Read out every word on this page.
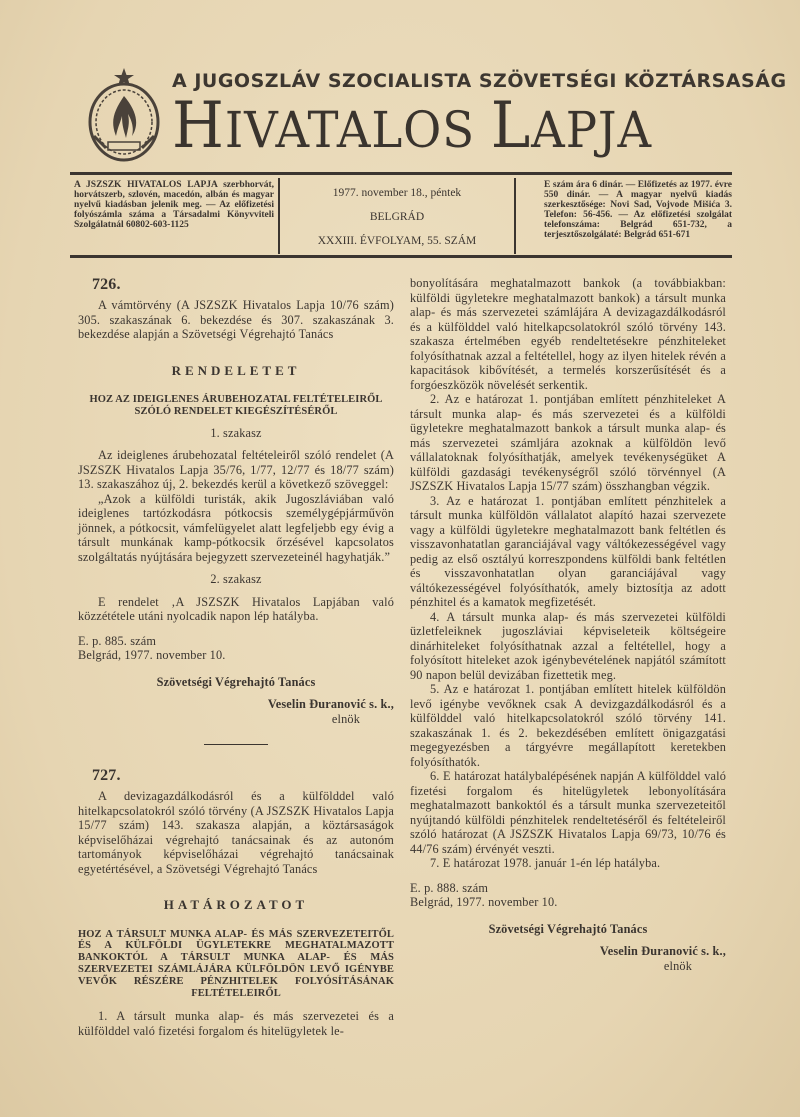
A JUGOSZLÁV SZOCIALISTA SZÖVETSÉGI KÖZTÁRSASÁG
HIVATALOS LAPJA
A JSZSZK HIVATALOS LAPJA szerbhorvát, horvátszerb, szlovén, macedón, albán és magyar nyelvű kiadásban jelenik meg. — Az előfizetési folyószámla száma a Társadalmi Könyvviteli Szolgálatnál 60802-603-1125
1977. november 18., péntek
BELGRÁD
XXXIII. ÉVFOLYAM, 55. SZÁM
E szám ára 6 dinár. — Előfizetés az 1977. évre 550 dinár. — A magyar nyelvű kiadás szerkesztősége: Novi Sad, Vojvode Mišića 3. Telefon: 56-456. — Az előfizetési szolgálat telefonszáma: Belgrád 651-732, a terjesztőszolgálaté: Belgrád 651-671
726.

A vámtörvény (A JSZSZK Hivatalos Lapja 10/76 szám) 305. szakaszának 6. bekezdése és 307. szakaszának 3. bekezdése alapján a Szövetségi Végrehajtó Tanács

RENDELETET
HOZ AZ IDEIGLENES ÁRUBEHOZATAL FELTÉTELEIRŐL SZÓLÓ RENDELET KIEGÉSZÍTÉSÉRŐL
1. szakasz

Az ideiglenes árubehozatal feltételeiről szóló rendelet (A JSZSZK Hivatalos Lapja 35/76, 1/77, 12/77 és 18/77 szám) 13. szakaszához új, 2. bekezdés kerül a következő szöveggel:

„Azok a külföldi turisták, akik Jugoszláviában való ideiglenes tartózkodásra pótkocsis személygépjárművön jönnek, a pótkocsit, vámfelügyelet alatt legfeljebb egy évig a társult munkának kamp-pótkocsik őrzésével kapcsolatos szolgáltatás nyújtására bejegyzett szervezeteinél hagyhatják.”

2. szakasz

E rendelet ‚A JSZSZK Hivatalos Lapjában való közzététele utáni nyolcadik napon lép hatályba.

E. p. 885. szám

Belgrád, 1977. november 10.

Szövetségi Végrehajtó Tanács
Veselin Đuranović s. k.,
elnök
727.

A devizagazdálkodásról és a külfölddel való hitelkapcsolatokról szóló törvény (A JSZSZK Hivatalos Lapja 15/77 szám) 143. szakasza alapján, a köztársaságok képviselőházai végrehajtó tanácsainak és az autonóm tartományok képviselőházai végrehajtó tanácsainak egyetértésével, a Szövetségi Végrehajtó Tanács

HATÁROZATOT
HOZ A TÁRSULT MUNKA ALAP- ÉS MÁS SZERVEZETEITŐL ÉS A KÜLFÖLDI ÜGYLETEKRE MEGHATALMAZOTT BANKOKTÓL A TÁRSULT MUNKA ALAP- ÉS MÁS SZERVEZETEI SZÁMLÁJÁRA KÜLFÖLDÖN LEVŐ IGÉNYBE VEVŐK RÉSZÉRE PÉNZHITELEK FOLYÓSÍTÁSÁNAK FELTÉTELEIRŐL

1. A társult munka alap- és más szervezetei és a külfölddel való fizetési forgalom és hitelügyletek le-

bonyolítására meghatalmazott bankok (a továbbiakban: külföldi ügyletekre meghatalmazott bankok) a társult munka alap- és más szervezetei számlájára A devizagazdálkodásról és a külfölddel való hitelkapcsolatokról szóló törvény 143. szakasza értelmében egyéb rendeltetésekre pénzhiteleket folyósíthatnak azzal a feltétellel, hogy az ilyen hitelek révén a kapacitások kibővítését, a termelés korszerűsítését és a forgóeszközök növelését serkentik.

2. Az e határozat 1. pontjában említett pénzhiteleket A társult munka alap- és más szervezetei és a külföldi ügyletekre meghatalmazott bankok a társult munka alap- és más szervezetei számljára azoknak a külföldön levő vállalatoknak folyósíthatják, amelyek tevékenységüket A külföldi gazdasági tevékenységről szóló törvénnyel (A JSZSZK Hivatalos Lapja 15/77 szám) összhangban végzik.

3. Az e határozat 1. pontjában említett pénzhitelek a társult munka külföldön vállalatot alapító hazai szervezete vagy a külföldi ügyletekre meghatalmazott bank feltétlen és visszavonhatatlan garanciájával vagy váltókezességével vagy pedig az első osztályú korreszpondens külföldi bank feltétlen és visszavonhatatlan olyan garanciájával vagy váltókezességével folyósíthatók, amely biztosítja az adott pénzhitel és a kamatok megfizetését.

4. A társult munka alap- és más szervezetei külföldi üzletfeleiknek jugoszláviai képviseleteik költségeire dinárhiteleket folyósíthatnak azzal a feltétellel, hogy a folyósított hiteleket azok igénybevételének napjától számított 90 napon belül devizában fizettetik meg.

5. Az e határozat 1. pontjában említett hitelek külföldön levő igénybe vevőknek csak A devizgazdálkodásról és a külfölddel való hitelkapcsolatokról szóló törvény 141. szakaszának 1. és 2. bekezdésében említett önigazgatási megegyezésben a tárgyévre megállapított keretekben folyósíthatók.

6. E határozat hatálybalépésének napján A külfölddel való fizetési forgalom és hitelügyletek lebonyolítására meghatalmazott bankoktól és a társult munka szervezeteitől nyújtandó külföldi pénzhitelek rendeltetéséről és feltételeiről szóló határozat (A JSZSZK Hivatalos Lapja 69/73, 10/76 és 44/76 szám) érvényét veszti.

7. E határozat 1978. január 1-én lép hatályba.

E. p. 888. szám

Belgrád, 1977. november 10.

Szövetségi Végrehajtó Tanács
Veselin Đuranović s. k.,
elnök
